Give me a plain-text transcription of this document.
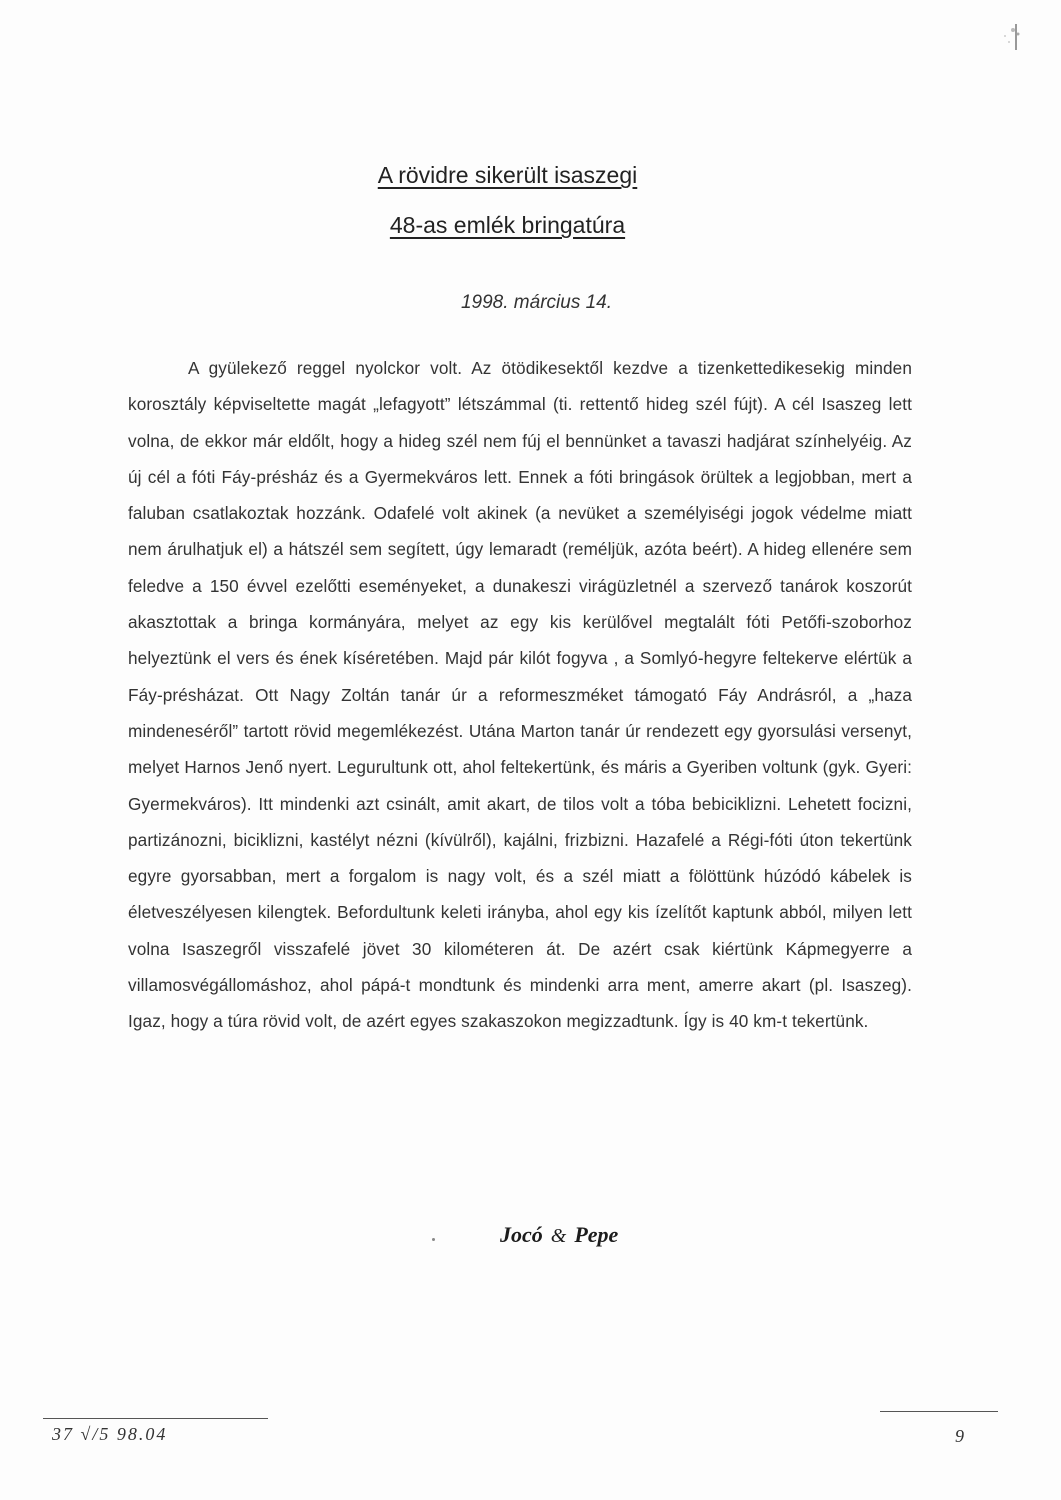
A rövidre sikerült isaszegi
48-as emlék bringatúra
1998. március 14.

A gyülekező reggel nyolckor volt. Az ötödikesektől kezdve a tizenkettedikesekig minden korosztály képviseltette magát „lefagyott” létszámmal (ti. rettentő hideg szél fújt). A cél Isaszeg lett volna, de ekkor már eldőlt, hogy a hideg szél nem fúj el bennünket a tavaszi hadjárat színhelyéig. Az új cél a fóti Fáy-présház és a Gyermekváros lett. Ennek a fóti bringások örültek a legjobban, mert a faluban csatlakoztak hozzánk. Odafelé volt akinek (a nevüket a személyiségi jogok védelme miatt nem árulhatjuk el) a hátszél sem segített, úgy lemaradt (reméljük, azóta beért). A hideg ellenére sem feledve a 150 évvel ezelőtti eseményeket, a dunakeszi virágüzletnél a szervező tanárok koszorút akasztottak a bringa kormányára, melyet az egy kis kerülővel megtalált fóti Petőfi-szoborhoz helyeztünk el vers és ének kíséretében. Majd pár kilót fogyva , a Somlyó-hegyre feltekerve elértük a Fáy-présházat. Ott Nagy Zoltán tanár úr a reformeszméket támogató Fáy Andrásról, a „haza mindeneséről” tartott rövid megemlékezést. Utána Marton tanár úr rendezett egy gyorsulási versenyt, melyet Harnos Jenő nyert. Legurultunk ott, ahol feltekertünk, és máris a Gyeriben voltunk (gyk. Gyeri: Gyermekváros). Itt mindenki azt csinált, amit akart, de tilos volt a tóba bebiciklizni. Lehetett focizni, partizánozni, biciklizni, kastélyt nézni (kívülről), kajálni, frizbizni. Hazafelé a Régi-fóti úton tekertünk egyre gyorsabban, mert a forgalom is nagy volt, és a szél miatt a fölöttünk húzódó kábelek is életveszélyesen kilengtek. Befordultunk keleti irányba, ahol egy kis ízelítőt kaptunk abból, milyen lett volna Isaszegről visszafelé jövet 30 kilométeren át. De azért csak kiértünk Kápmegyerre a villamosvégállomáshoz, ahol pápá-t mondtunk és mindenki arra ment, amerre akart (pl. Isaszeg). Igaz, hogy a túra rövid volt, de azért egyes szakaszokon megizzadtunk. Így is 40 km-t tekertünk.

Jocó & Pepe
37 √/5 98.04	9
